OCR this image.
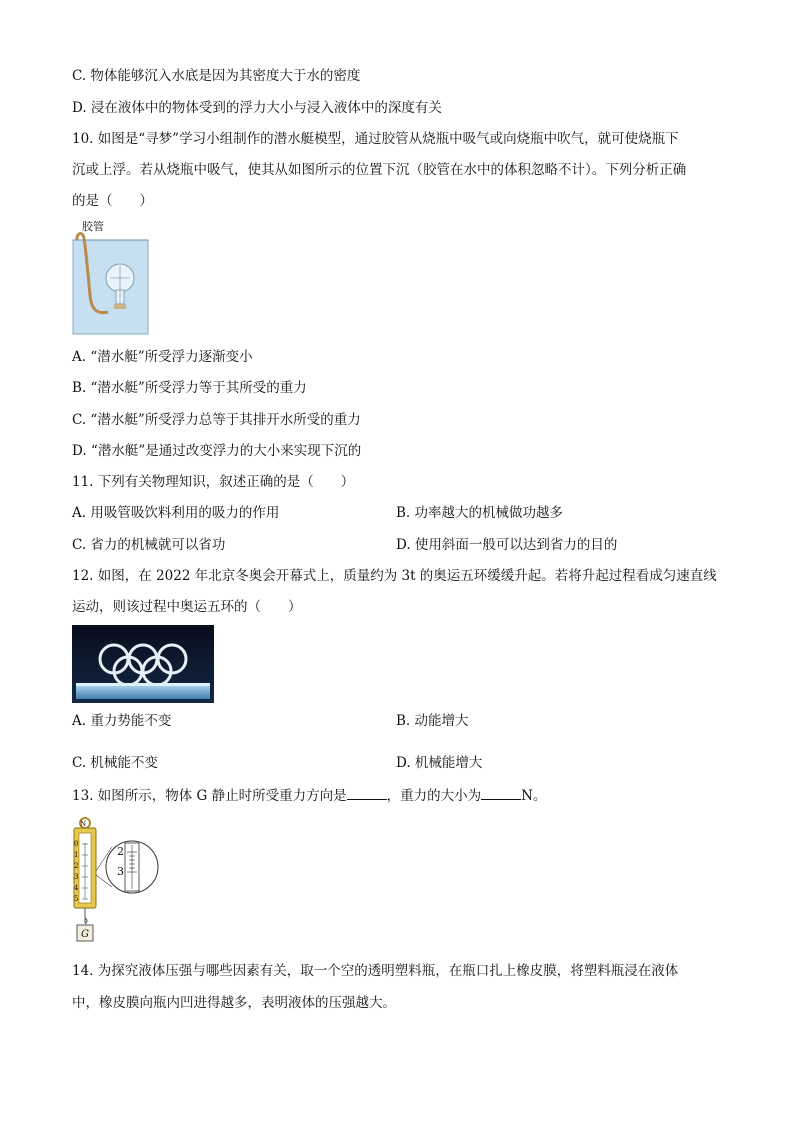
C. 物体能够沉入水底是因为其密度大于水的密度
D. 浸在液体中的物体受到的浮力大小与浸入液体中的深度有关
10. 如图是“寻梦”学习小组制作的潜水艇模型，通过胶管从烧瓶中吸气或向烧瓶中吹气，就可使烧瓶下
沉或上浮。若从烧瓶中吸气，使其从如图所示的位置下沉（胶管在水中的体积忽略不计）。下列分析正确
的是（　　）
胶管
A. “潜水艇”所受浮力逐渐变小
B. “潜水艇”所受浮力等于其所受的重力
C. “潜水艇”所受浮力总等于其排开水所受的重力
D. “潜水艇”是通过改变浮力的大小来实现下沉的
11. 下列有关物理知识，叙述正确的是（　　）
A. 用吸管吸饮料利用的吸力的作用	B. 功率越大的机械做功越多
C. 省力的机械就可以省功	D. 使用斜面一般可以达到省力的目的
12. 如图，在 2022 年北京冬奥会开幕式上，质量约为 3t 的奥运五环缓缓升起。若将升起过程看成匀速直线
运动，则该过程中奥运五环的（　　）
A. 重力势能不变	B. 动能增大
C. 机械能不变	D. 机械能增大
13. 如图所示，物体 G 静止时所受重力方向是	，重力的大小为	N。
N
0
1
2
3
4
5
2
3
G
14. 为探究液体压强与哪些因素有关，取一个空的透明塑料瓶，在瓶口扎上橡皮膜，将塑料瓶浸在液体
中，橡皮膜向瓶内凹进得越多，表明液体的压强越大。
